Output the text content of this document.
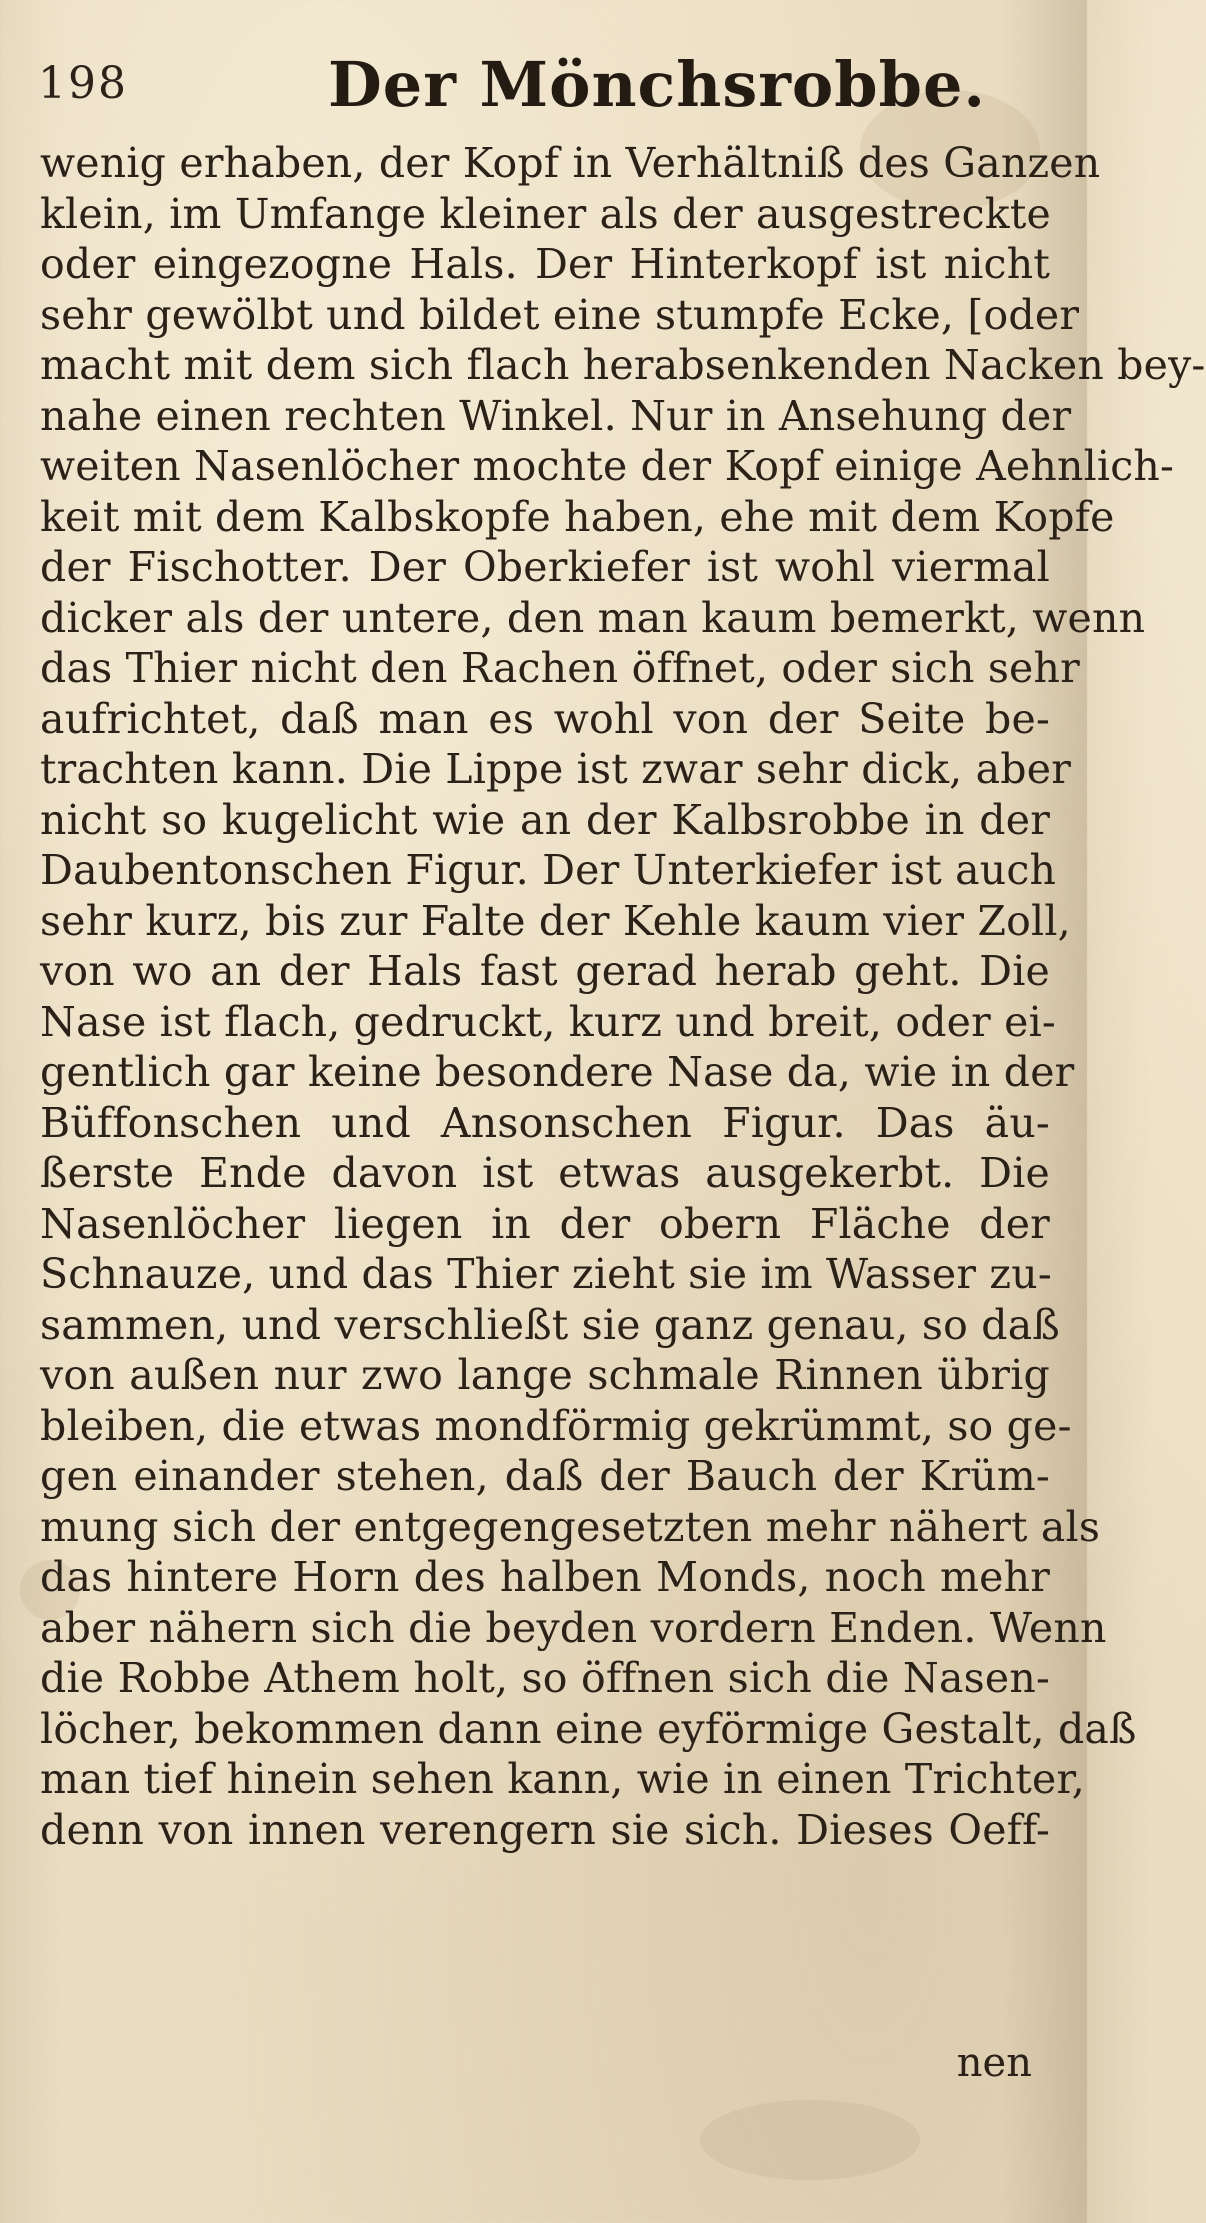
198	Der Mönchsrobbe.
wenig erhaben, der Kopf in Verhältniß des Ganzen
klein, im Umfange kleiner als der ausgestreckte
oder eingezogne Hals. Der Hinterkopf ist nicht
sehr gewölbt und bildet eine stumpfe Ecke, [oder
macht mit dem sich flach herabsenkenden Nacken bey-
nahe einen rechten Winkel. Nur in Ansehung der
weiten Nasenlöcher mochte der Kopf einige Aehnlich-
keit mit dem Kalbskopfe haben, ehe mit dem Kopfe
der Fischotter. Der Oberkiefer ist wohl viermal
dicker als der untere, den man kaum bemerkt, wenn
das Thier nicht den Rachen öffnet, oder sich sehr
aufrichtet, daß man es wohl von der Seite be-
trachten kann. Die Lippe ist zwar sehr dick, aber
nicht so kugelicht wie an der Kalbsrobbe in der
Daubentonschen Figur. Der Unterkiefer ist auch
sehr kurz, bis zur Falte der Kehle kaum vier Zoll,
von wo an der Hals fast gerad herab geht. Die
Nase ist flach, gedruckt, kurz und breit, oder ei-
gentlich gar keine besondere Nase da, wie in der
Büffonschen und Ansonschen Figur. Das äu-
ßerste Ende davon ist etwas ausgekerbt. Die
Nasenlöcher liegen in der obern Fläche der
Schnauze, und das Thier zieht sie im Wasser zu-
sammen, und verschließt sie ganz genau, so daß
von außen nur zwo lange schmale Rinnen übrig
bleiben, die etwas mondförmig gekrümmt, so ge-
gen einander stehen, daß der Bauch der Krüm-
mung sich der entgegengesetzten mehr nähert als
das hintere Horn des halben Monds, noch mehr
aber nähern sich die beyden vordern Enden. Wenn
die Robbe Athem holt, so öffnen sich die Nasen-
löcher, bekommen dann eine eyförmige Gestalt, daß
man tief hinein sehen kann, wie in einen Trichter,
denn von innen verengern sie sich. Dieses Oeff-
nen
